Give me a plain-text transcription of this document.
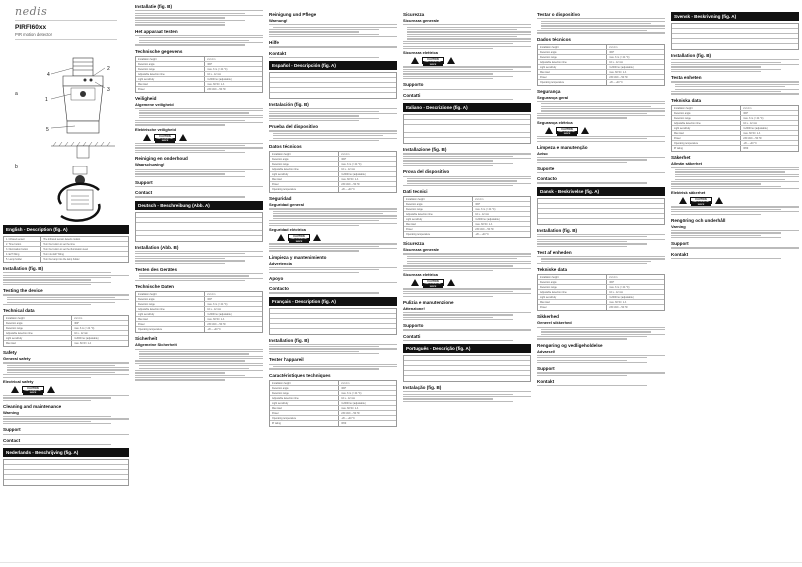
nedis
PIRFI60xx
PIR motion detector
a
4
2
3
1
5
b
English - Description (fig. A)
1. Infrared sensor	The Infrared sensor detects motion
2. Time button	Turn the button to set the time
3. Illumination button	Turn the button to set the illumination level
4. E27 fitting	Turn into E27 fitting
5. Lamp holder	Turn the lamp into the lamp holder
Installation (fig. B)
Testing the device
Technical data
Installation height	2.2-4 m
Detection angle	360°
Detection range	max. 6 m (< 24 °C)
Adjustable detection time	10 s - 12 min
Light sensitivity	3-2000 lux (adjustable)
Max load	max. 60 W / 1 A
Safety
General safety
Electrical safety
CAUTION
RISK OF ELECTRIC SHOCK
Cleaning and maintenance
Warning
Support
Contact
Nederlands - Beschrijving (fig. A)
Installatie (fig. B)
Het apparaat testen
Technische gegevens
Installation height	2.2-4 m
Detection angle	360°
Detection range	max. 6 m (< 24 °C)
Adjustable detection time	10 s - 12 min
Light sensitivity	3-2000 lux (adjustable)
Max load	max. 60 W / 1 A
Power	230 VAC ~ 50 Hz
Veiligheid
Algemene veiligheid
Elektrische veiligheid
CAUTION
RISK OF ELECTRIC SHOCK
Reiniging en onderhoud
Waarschuwing!
Support
Contact
Deutsch - Beschreibung (Abb. A)
Installation (Abb. B)
Testen des Gerätes
Technische Daten
Installation height	2.2-4 m
Detection angle	360°
Detection range	max. 6 m (< 24 °C)
Adjustable detection time	10 s - 12 min
Light sensitivity	3-2000 lux (adjustable)
Max load	max. 60 W / 1 A
Power	230 VAC ~ 50 Hz
Operating temperature	-20 ~ +40 °C
Sicherheit
Allgemeine Sicherheit
Reinigung und Pflege
Warnung!
Hilfe
Kontakt
Español - Descripción (fig. A)
Instalación (fig. B)
Prueba del dispositivo
Datos técnicos
Installation height	2.2-4 m
Detection angle	360°
Detection range	max. 6 m (< 24 °C)
Adjustable detection time	10 s - 12 min
Light sensitivity	3-2000 lux (adjustable)
Max load	max. 60 W / 1 A
Power	230 VAC ~ 50 Hz
Operating temperature	-20 ~ +40 °C
Seguridad
Seguridad general
Seguridad eléctrica
CAUTION
RISK OF ELECTRIC SHOCK
Limpieza y mantenimiento
Advertencia
Apoyo
Contacto
Français - Description (fig. A)
Installation (fig. B)
Tester l'appareil
Caractéristiques techniques
Installation height	2.2-4 m
Detection angle	360°
Detection range	max. 6 m (< 24 °C)
Adjustable detection time	10 s - 12 min
Light sensitivity	3-2000 lux (adjustable)
Max load	max. 60 W / 1 A
Power	230 VAC ~ 50 Hz
Operating temperature	-20 ~ +40 °C
IP rating	IP20
Sicurezza
Sicurezza generale
Sicurezza elettrica
CAUTION
RISK OF ELECTRIC SHOCK
Supporto
Contatti
Italiano - Descrizione (fig. A)
Installazione (fig. B)
Prova del dispositivo
Dati tecnici
Installation height	2.2-4 m
Detection angle	360°
Detection range	max. 6 m (< 24 °C)
Adjustable detection time	10 s - 12 min
Light sensitivity	3-2000 lux (adjustable)
Max load	max. 60 W / 1 A
Power	230 VAC ~ 50 Hz
Operating temperature	-20 ~ +40 °C
Sicurezza
Sicurezza generale
Sicurezza elettrica
CAUTION
RISK OF ELECTRIC SHOCK
Pulizia e manutenzione
Attenzione!
Supporto
Contatti
Português - Descrição (fig. A)
Instalação (fig. B)
Testar o dispositivo
Dados técnicos
Installation height	2.2-4 m
Detection angle	360°
Detection range	max. 6 m (< 24 °C)
Adjustable detection time	10 s - 12 min
Light sensitivity	3-2000 lux (adjustable)
Max load	max. 60 W / 1 A
Power	230 VAC ~ 50 Hz
Operating temperature	-20 ~ +40 °C
Segurança
Segurança geral
Segurança elétrica
CAUTION
RISK OF ELECTRIC SHOCK
Limpeza e manutenção
Aviso
Suporte
Contacto
Dansk - Beskrivelse (fig. A)
Installation (fig. B)
Test af enheden
Tekniske data
Installation height	2.2-4 m
Detection angle	360°
Detection range	max. 6 m (< 24 °C)
Adjustable detection time	10 s - 12 min
Light sensitivity	3-2000 lux (adjustable)
Max load	max. 60 W / 1 A
Power	230 VAC ~ 50 Hz
Sikkerhed
Generel sikkerhed
Rengøring og vedligeholdelse
Advarsel!
Support
Kontakt
Svensk - Beskrivning (fig. A)
Installation (fig. B)
Testa enheten
Tekniska data
Installation height	2.2-4 m
Detection angle	360°
Detection range	max. 6 m (< 24 °C)
Adjustable detection time	10 s - 12 min
Light sensitivity	3-2000 lux (adjustable)
Max load	max. 60 W / 1 A
Power	230 VAC ~ 50 Hz
Operating temperature	-20 ~ +40 °C
IP rating	IP20
Säkerhet
Allmän säkerhet
Elektrisk säkerhet
CAUTION
RISK OF ELECTRIC SHOCK
Rengöring och underhåll
Varning
Support
Kontakt
